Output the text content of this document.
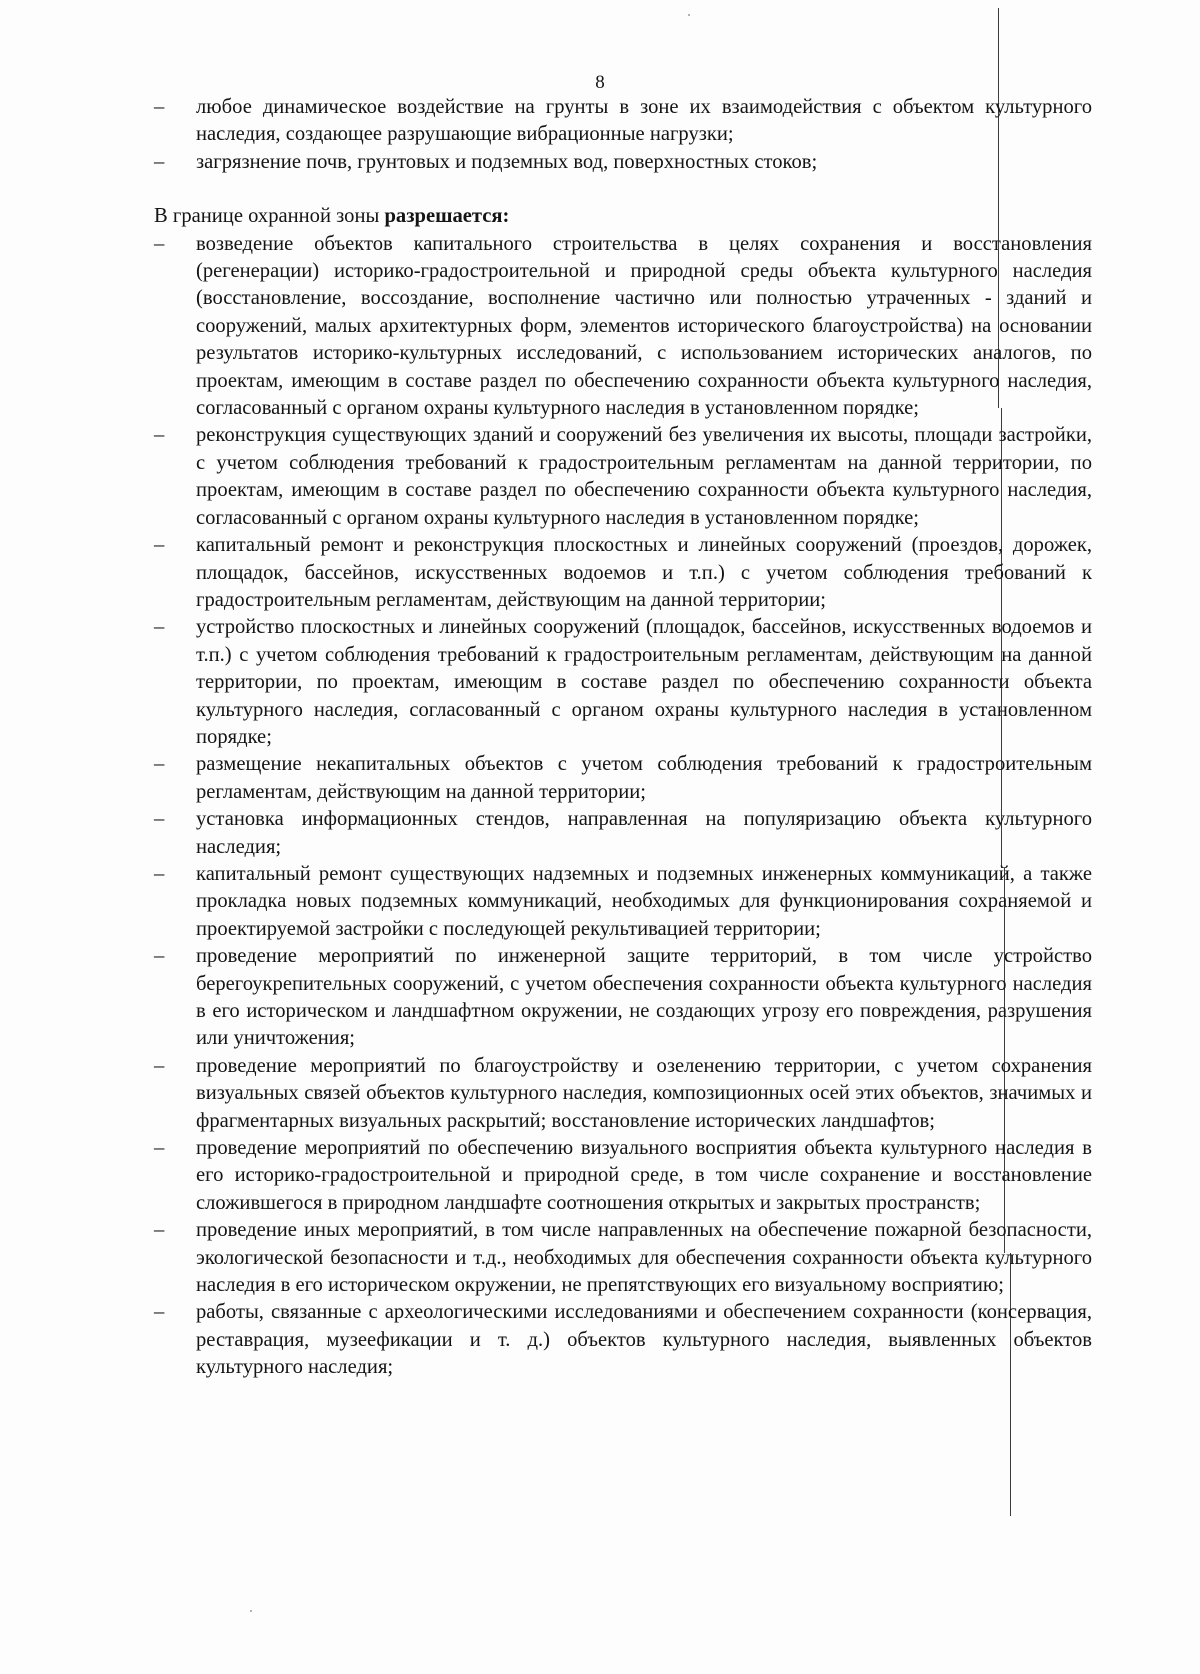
8
–	любое динамическое воздействие на грунты в зоне их взаимодействия с объектом культурного наследия, создающее разрушающие вибрационные нагрузки;
–	загрязнение почв, грунтовых и подземных вод, поверхностных стоков;

В границе охранной зоны разрешается:

–	возведение объектов капитального строительства в целях сохранения и восстановления (регенерации) историко-градостроительной и природной среды объекта культурного наследия (восстановление, воссоздание, восполнение частично или полностью утраченных - зданий и сооружений, малых архитектурных форм, элементов исторического благоустройства) на основании результатов историко-культурных исследований, с использованием исторических аналогов, по проектам, имеющим в составе раздел по обеспечению сохранности объекта культурного наследия, согласованный с органом охраны культурного наследия в установленном порядке;
–	реконструкция существующих зданий и сооружений без увеличения их высоты, площади застройки, с учетом соблюдения требований к градостроительным регламентам на данной территории, по проектам, имеющим в составе раздел по обеспечению сохранности объекта культурного наследия, согласованный с органом охраны культурного наследия в установленном порядке;
–	капитальный ремонт и реконструкция плоскостных и линейных сооружений (проездов, дорожек, площадок, бассейнов, искусственных водоемов и т.п.) с учетом соблюдения требований к градостроительным регламентам, действующим на данной территории;
–	устройство плоскостных и линейных сооружений (площадок, бассейнов, искусственных водоемов и т.п.) с учетом соблюдения требований к градостроительным регламентам, действующим на данной территории, по проектам, имеющим в составе раздел по обеспечению сохранности объекта культурного наследия, согласованный с органом охраны культурного наследия в установленном порядке;
–	размещение некапитальных объектов с учетом соблюдения требований к градостроительным регламентам, действующим на данной территории;
–	установка информационных стендов, направленная на популяризацию объекта культурного наследия;
–	капитальный ремонт существующих надземных и подземных инженерных коммуникаций, а также прокладка новых подземных коммуникаций, необходимых для функционирования сохраняемой и проектируемой застройки с последующей рекультивацией территории;
–	проведение мероприятий по инженерной защите территорий, в том числе устройство берегоукрепительных сооружений, с учетом обеспечения сохранности объекта культурного наследия в его историческом и ландшафтном окружении, не создающих угрозу его повреждения, разрушения или уничтожения;
–	проведение мероприятий по благоустройству и озеленению территории, с учетом сохранения визуальных связей объектов культурного наследия, композиционных осей этих объектов, значимых и фрагментарных визуальных раскрытий; восстановление исторических ландшафтов;
–	проведение мероприятий по обеспечению визуального восприятия объекта культурного наследия в его историко-градостроительной и природной среде, в том числе сохранение и восстановление сложившегося в природном ландшафте соотношения открытых и закрытых пространств;
–	проведение иных мероприятий, в том числе направленных на обеспечение пожарной безопасности, экологической безопасности и т.д., необходимых для обеспечения сохранности объекта культурного наследия в его историческом окружении, не препятствующих его визуальному восприятию;
–	работы, связанные с археологическими исследованиями и обеспечением сохранности (консервация, реставрация, музеефикации и т. д.) объектов культурного наследия, выявленных объектов культурного наследия;
